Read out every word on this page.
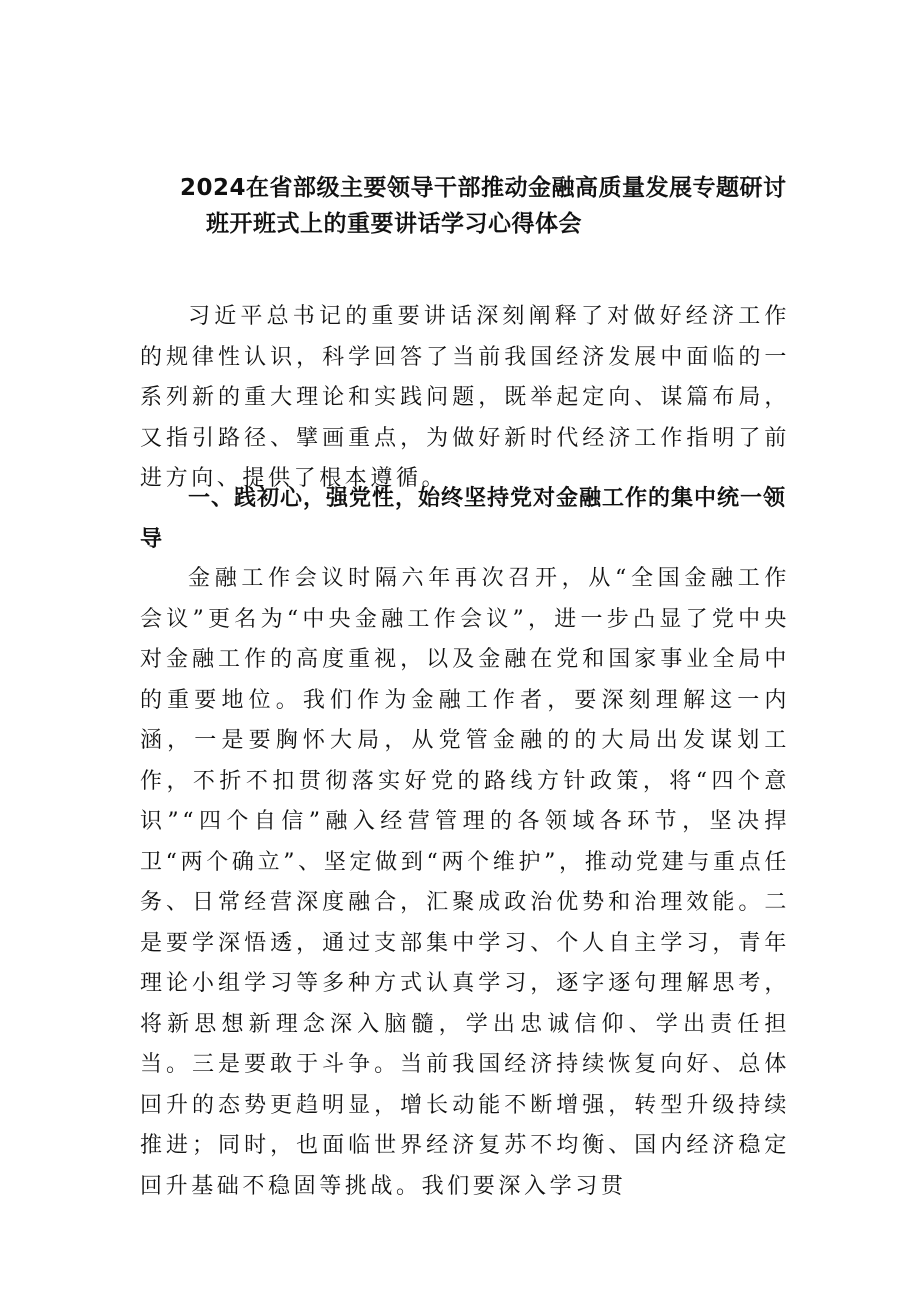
2024在省部级主要领导干部推动金融高质量发展专题研讨
班开班式上的重要讲话学习心得体会

习近平总书记的重要讲话深刻阐释了对做好经济工作的规律性认识，科学回答了当前我国经济发展中面临的一系列新的重大理论和实践问题，既举起定向、谋篇布局，又指引路径、擘画重点，为做好新时代经济工作指明了前进方向、提供了根本遵循。

一、践初心，强党性，始终坚持党对金融工作的集中统一领导

金融工作会议时隔六年再次召开，从“全国金融工作会议”更名为“中央金融工作会议”，进一步凸显了党中央对金融工作的高度重视，以及金融在党和国家事业全局中的重要地位。我们作为金融工作者，要深刻理解这一内涵，一是要胸怀大局，从党管金融的的大局出发谋划工作，不折不扣贯彻落实好党的路线方针政策，将“四个意识”“四个自信”融入经营管理的各领域各环节，坚决捍卫“两个确立”、坚定做到“两个维护”，推动党建与重点任务、日常经营深度融合，汇聚成政治优势和治理效能。二是要学深悟透，通过支部集中学习、个人自主学习，青年理论小组学习等多种方式认真学习，逐字逐句理解思考，将新思想新理念深入脑髓，学出忠诚信仰、学出责任担当。三是要敢于斗争。当前我国经济持续恢复向好、总体回升的态势更趋明显，增长动能不断增强，转型升级持续推进；同时，也面临世界经济复苏不均衡、国内经济稳定回升基础不稳固等挑战。我们要深入学习贯
